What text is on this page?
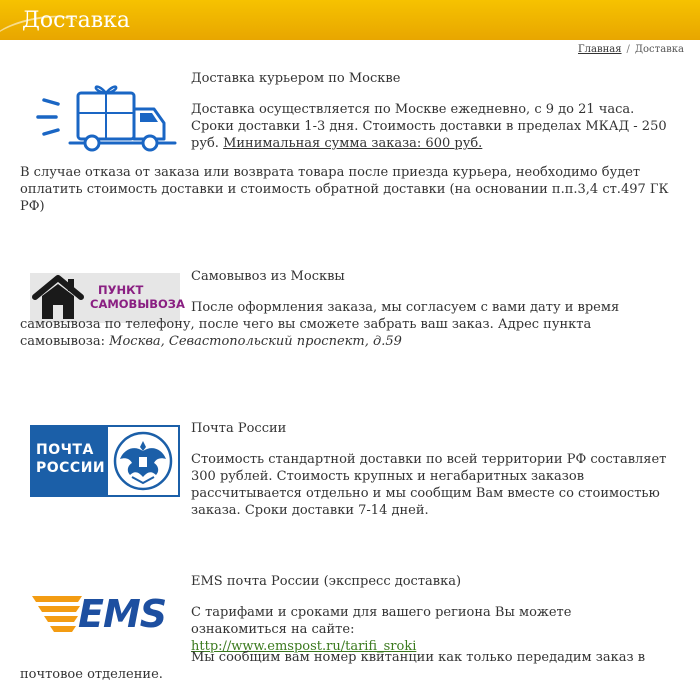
Доставка
Главная / Доставка
Доставка курьером по Москве
Доставка осуществляется по Москве ежедневно, с 9 до 21 часа. Сроки доставки 1-3 дня. Стоимость доставки в пределах МКАД - 250 руб. Минимальная сумма заказа: 600 руб.
В случае отказа от заказа или возврата товара после приезда курьера, необходимо будет оплатить стоимость доставки и стоимость обратной доставки (на основании п.п.3,4 ст.497 ГК РФ)
ПУНКТ
САМОВЫВОЗА
Самовывоз из Москвы
После оформления заказа, мы согласуем с вами дату и время самовывоза по телефону, после чего вы сможете забрать ваш заказ. Адрес пункта самовывоза: Москва, Севастопольский проспект, д.59
ПОЧТА
РОССИИ
Почта России
Стоимость стандартной доставки по всей территории РФ составляет 300 рублей. Стоимость крупных и негабаритных заказов рассчитывается отдельно и мы сообщим Вам вместе со стоимостью заказа. Сроки доставки 7-14 дней.
EMS
EMS почта России (экспресс доставка)
С тарифами и сроками для вашего региона Вы можете ознакомиться на сайте:
http://www.emspost.ru/tarifi_sroki
Мы сообщим вам номер квитанции как только передадим заказ в почтовое отделение.
